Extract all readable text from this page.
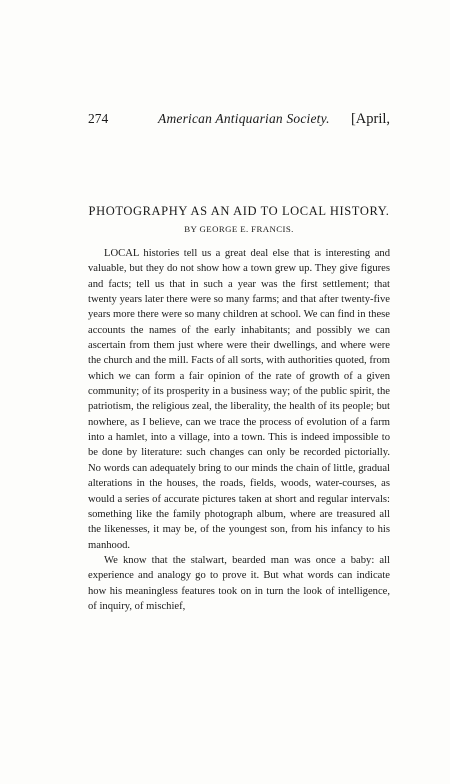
274	American Antiquarian Society. [April,
PHOTOGRAPHY AS AN AID TO LOCAL HISTORY.
BY GEORGE E. FRANCIS.

LOCAL histories tell us a great deal else that is interesting and valuable, but they do not show how a town grew up. They give figures and facts; tell us that in such a year was the first settlement; that twenty years later there were so many farms; and that after twenty-five years more there were so many children at school. We can find in these accounts the names of the early inhabitants; and possibly we can ascertain from them just where were their dwellings, and where were the church and the mill. Facts of all sorts, with authorities quoted, from which we can form a fair opinion of the rate of growth of a given community; of its prosperity in a business way; of the public spirit, the patriotism, the religious zeal, the liberality, the health of its people; but nowhere, as I believe, can we trace the process of evolution of a farm into a hamlet, into a village, into a town. This is indeed impossible to be done by literature: such changes can only be recorded pictorially. No words can adequately bring to our minds the chain of little, gradual alterations in the houses, the roads, fields, woods, water-courses, as would a series of accurate pictures taken at short and regular intervals: something like the family photograph album, where are treasured all the likenesses, it may be, of the youngest son, from his infancy to his manhood.

We know that the stalwart, bearded man was once a baby: all experience and analogy go to prove it. But what words can indicate how his meaningless features took on in turn the look of intelligence, of inquiry, of mischief,
